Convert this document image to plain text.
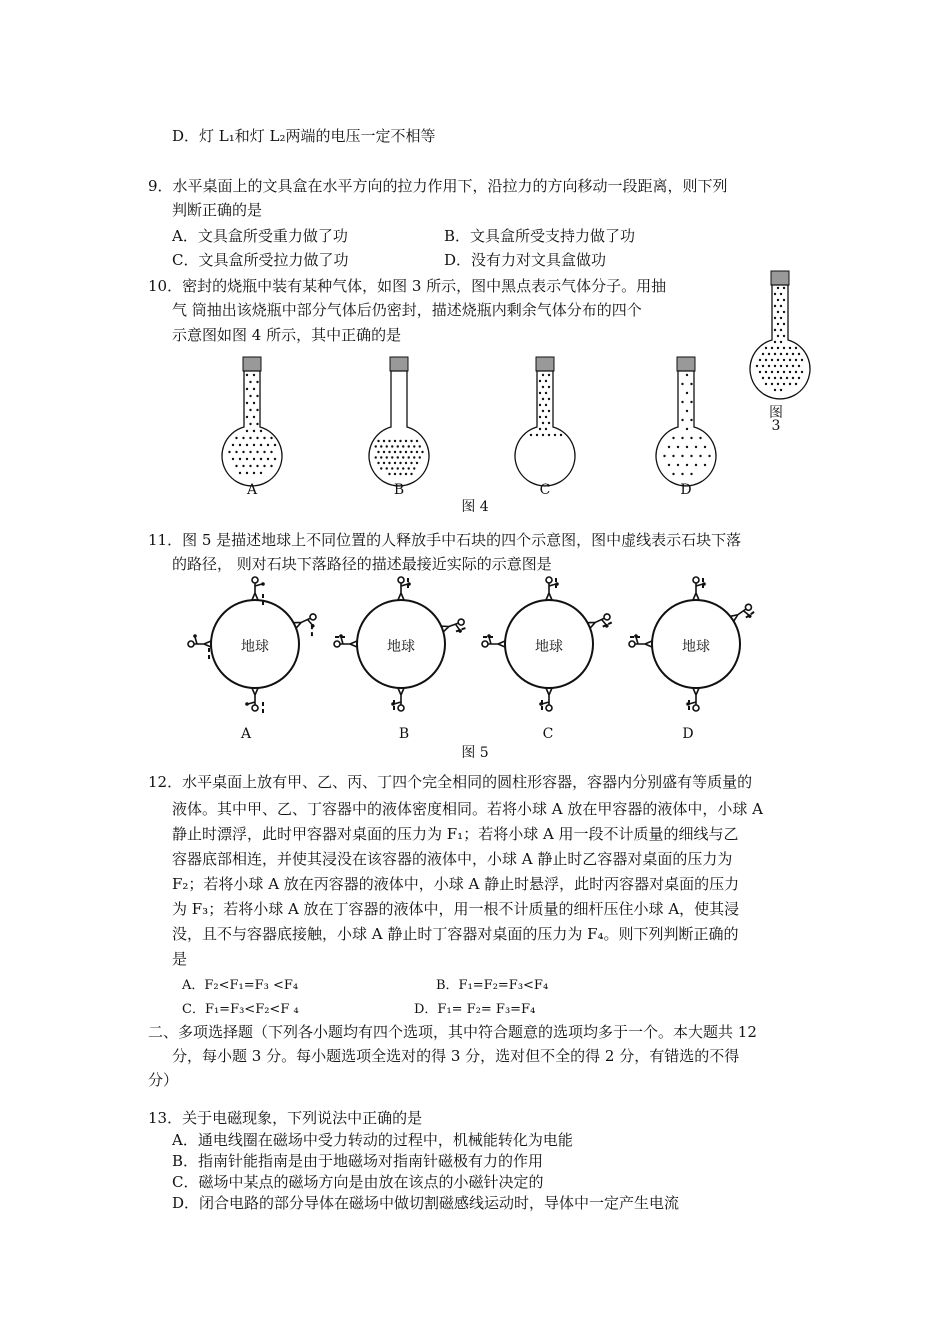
D．灯 L₁和灯 L₂两端的电压一定不相等
9．水平桌面上的文具盒在水平方向的拉力作用下，沿拉力的方向移动一段距离，则下列
判断正确的是
A．文具盒所受重力做了功	B．文具盒所受支持力做了功
C．文具盒所受拉力做了功	D．没有力对文具盒做功
10．密封的烧瓶中装有某种气体，如图 3 所示，图中黑点表示气体分子。用抽
气 筒抽出该烧瓶中部分气体后仍密封，描述烧瓶内剩余气体分布的四个
示意图如图 4 所示，其中正确的是
图
3
A	B	C	D
图 4
11．图 5 是描述地球上不同位置的人释放手中石块的四个示意图，图中虚线表示石块下落
的路径， 则对石块下落路径的描述最接近实际的示意图是
地球	地球	地球	地球
A	B	C	D
图 5
12．水平桌面上放有甲、乙、丙、丁四个完全相同的圆柱形容器，容器内分别盛有等质量的
液体。其中甲、乙、丁容器中的液体密度相同。若将小球 A 放在甲容器的液体中，小球 A
静止时漂浮，此时甲容器对桌面的压力为 F₁；若将小球 A 用一段不计质量的细线与乙
容器底部相连，并使其浸没在该容器的液体中，小球 A 静止时乙容器对桌面的压力为
F₂；若将小球 A 放在丙容器的液体中，小球 A 静止时悬浮，此时丙容器对桌面的压力
为 F₃；若将小球 A 放在丁容器的液体中，用一根不计质量的细杆压住小球 A，使其浸
没，且不与容器底接触，小球 A 静止时丁容器对桌面的压力为 F₄。则下列判断正确的
是
A．F₂<F₁=F₃ <F₄	B．F₁=F₂=F₃<F₄
C．F₁=F₃<F₂<F ₄	D．F₁= F₂= F₃=F₄
二、多项选择题（下列各小题均有四个选项，其中符合题意的选项均多于一个。本大题共 12
分，每小题 3 分。每小题选项全选对的得 3 分，选对但不全的得 2 分，有错选的不得
分）
13．关于电磁现象，下列说法中正确的是
A．通电线圈在磁场中受力转动的过程中，机械能转化为电能
B．指南针能指南是由于地磁场对指南针磁极有力的作用
C．磁场中某点的磁场方向是由放在该点的小磁针决定的
D．闭合电路的部分导体在磁场中做切割磁感线运动时，导体中一定产生电流
